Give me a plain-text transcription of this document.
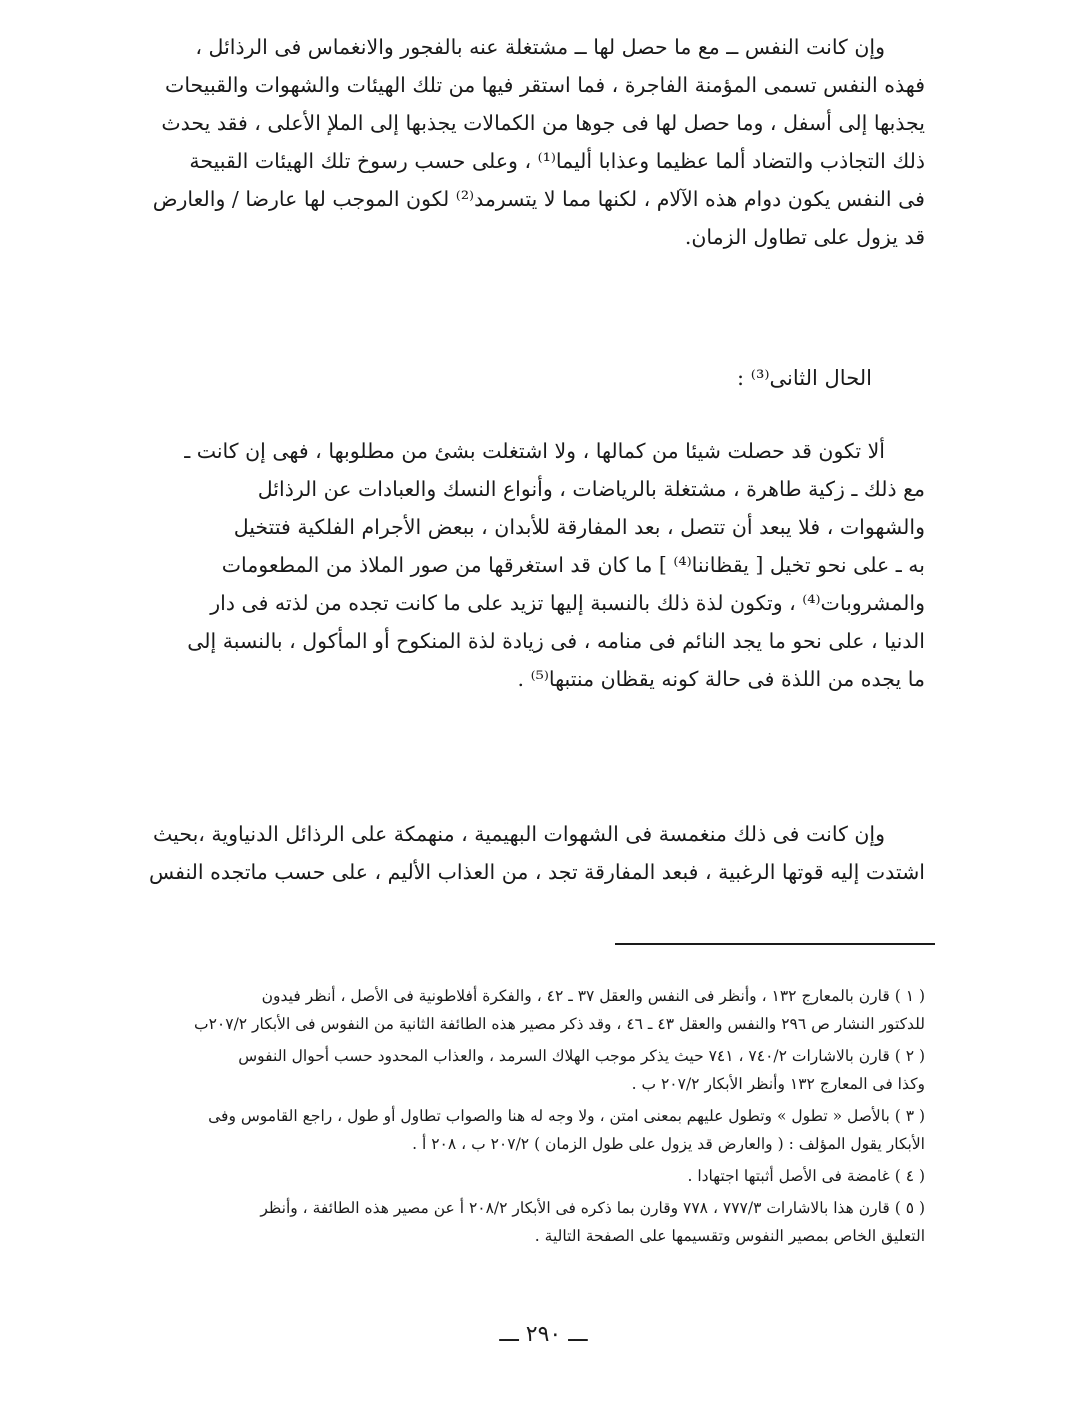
وإن كانت النفس ــ مع ما حصل لها ــ مشتغلة عنه بالفجور والانغماس فى الرذائل ،
فهذه النفس تسمى المؤمنة الفاجرة ، فما استقر فيها من تلك الهيئات والشهوات والقبيحات
يجذبها إلى أسفل ، وما حصل لها فى جوها من الكمالات يجذبها إلى الملإ الأعلى ، فقد يحدث
ذلك التجاذب والتضاد ألما عظيما وعذابا أليما⁽¹⁾ ، وعلى حسب رسوخ تلك الهيئات القبيحة
فى النفس يكون دوام هذه الآلام ، لكنها مما لا يتسرمد⁽²⁾ لكون الموجب لها عارضا / والعارض
قد يزول على تطاول الزمان.
الحال الثانى⁽³⁾ :
ألا تكون قد حصلت شيئا من كمالها ، ولا اشتغلت بشئ من مطلوبها ، فهى إن كانت ـ
مع ذلك ـ زكية طاهرة ، مشتغلة بالرياضات ، وأنواع النسك والعبادات عن الرذائل
والشهوات ، فلا يبعد أن تتصل ، بعد المفارقة للأبدان ، ببعض الأجرام الفلكية فتتخيل
به ـ على نحو تخيل [ يقظاننا⁽⁴⁾ ] ما كان قد استغرقها من صور الملاذ من المطعومات
والمشروبات⁽⁴⁾ ، وتكون لذة ذلك بالنسبة إليها تزيد على ما كانت تجده من لذته فى دار
الدنيا ، على نحو ما يجد النائم فى منامه ، فى زيادة لذة المنكوح أو المأكول ، بالنسبة إلى
ما يجده من اللذة فى حالة كونه يقظان منتبها⁽⁵⁾ .
وإن كانت فى ذلك منغمسة فى الشهوات البهيمية ، منهمكة على الرذائل الدنياوية ،بحيث
اشتدت إليه قوتها الرغبية ، فبعد المفارقة تجد ، من العذاب الأليم ، على حسب ماتجده النفس
( ١ ) قارن بالمعارج ١٣٢ ، وأنظر فى النفس والعقل ٣٧ ـ ٤٢ ، والفكرة أفلاطونية فى الأصل ، أنظر فيدون
للدكتور النشار ص ٢٩٦ والنفس والعقل ٤٣ ـ ٤٦ ، وقد ذكر مصير هذه الطائفة الثانية من النفوس فى الأبكار ٢٠٧/٢ب
( ٢ ) قارن بالاشارات ٧٤٠/٢ ، ٧٤١ حيث يذكر موجب الهلاك السرمد ، والعذاب المحدود حسب أحوال النفوس
وكذا فى المعارج ١٣٢ وأنظر الأبكار ٢٠٧/٢ ب .
( ٣ ) بالأصل « تطول » وتطول عليهم بمعنى امتن ، ولا وجه له هنا والصواب تطاول أو طول ، راجع القاموس وفى
الأبكار يقول المؤلف : ( والعارض قد يزول على طول الزمان ) ٢٠٧/٢ ب ، ٢٠٨ أ .
( ٤ ) غامضة فى الأصل أثبتها اجتهادا .
( ٥ ) قارن هذا بالاشارات ٧٧٧/٣ ، ٧٧٨ وقارن بما ذكره فى الأبكار ٢٠٨/٢ أ عن مصير هذه الطائفة ، وأنظر
التعليق الخاص بمصير النفوس وتقسيمها على الصفحة التالية .
ـــ ٢٩٠ ـــ
